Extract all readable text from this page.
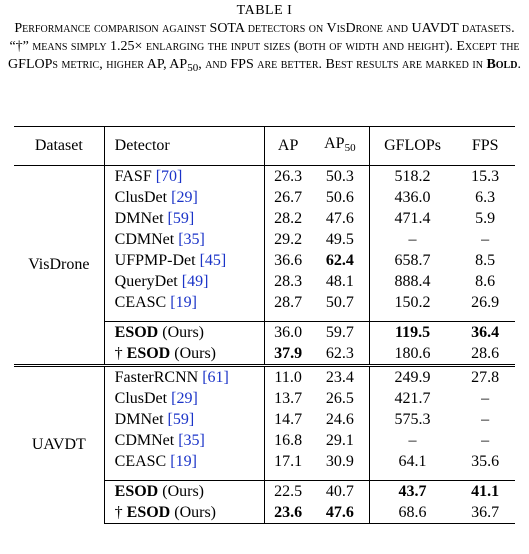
TABLE I
Performance comparison against SOTA detectors on VisDrone and UAVDT datasets. “†” means simply 1.25× enlarging the input sizes (both of width and height). Except the GFLOPs metric, higher AP, $AP_{50}$, and FPS are better. Best results are marked in Bold.
Dataset	Detector	AP	$AP_{50}$	GFLOPs	FPS
VisDrone	FASF [70]	26.3	50.3	518.2	15.3
	ClusDet [29]	26.7	50.6	436.0	6.3
	DMNet [59]	28.2	47.6	471.4	5.9
	CDMNet [35]	29.2	49.5	–	–
	UFPMP-Det [45]	36.6	62.4	658.7	8.5
	QueryDet [49]	28.3	48.1	888.4	8.6
	CEASC [19]	28.7	50.7	150.2	26.9

	ESOD (Ours)	36.0	59.7	119.5	36.4
	† ESOD (Ours)	37.9	62.3	180.6	28.6
UAVDT	FasterRCNN [61]	11.0	23.4	249.9	27.8
	ClusDet [29]	13.7	26.5	421.7	–
	DMNet [59]	14.7	24.6	575.3	–
	CDMNet [35]	16.8	29.1	–	–
	CEASC [19]	17.1	30.9	64.1	35.6

	ESOD (Ours)	22.5	40.7	43.7	41.1
	† ESOD (Ours)	23.6	47.6	68.6	36.7
